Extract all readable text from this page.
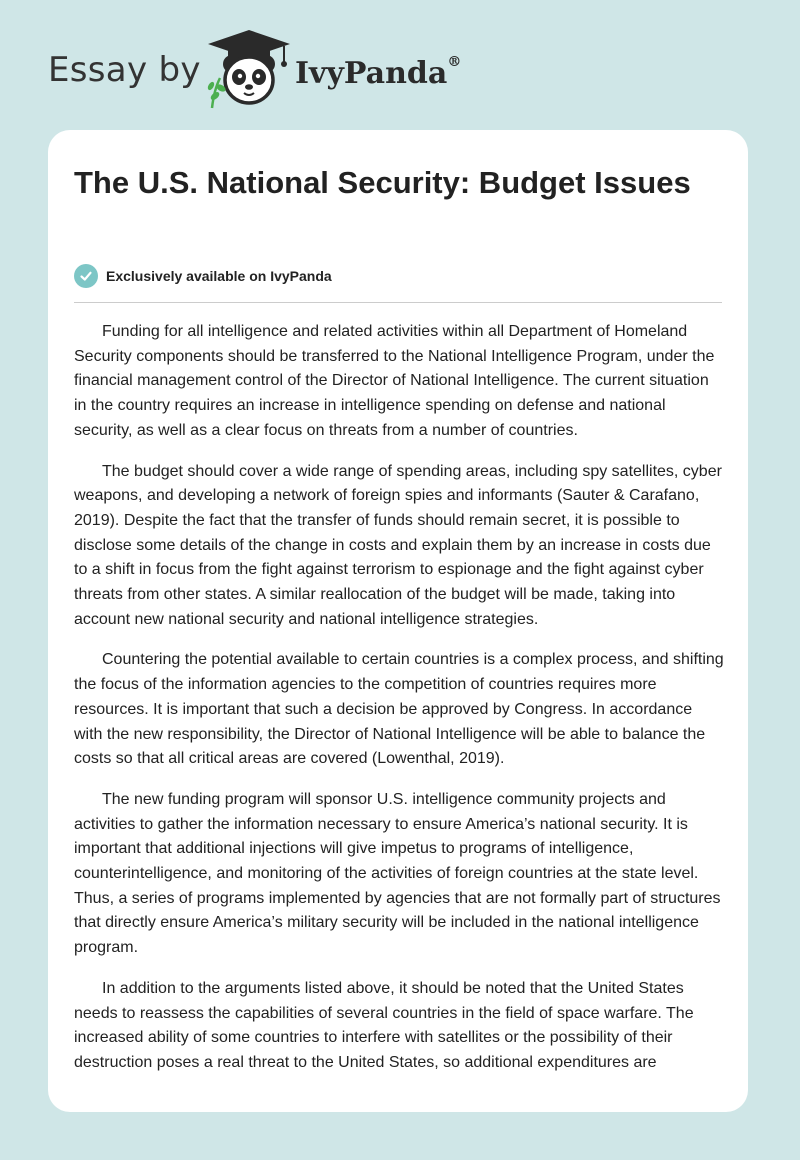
Essay by	IvyPanda®
The U.S. National Security: Budget Issues
Exclusively available on IvyPanda

Funding for all intelligence and related activities within all Department of Homeland Security components should be transferred to the National Intelligence Program, under the financial management control of the Director of National Intelligence. The current situation in the country requires an increase in intelligence spending on defense and national security, as well as a clear focus on threats from a number of countries.

The budget should cover a wide range of spending areas, including spy satellites, cyber weapons, and developing a network of foreign spies and informants (Sauter & Carafano, 2019). Despite the fact that the transfer of funds should remain secret, it is possible to disclose some details of the change in costs and explain them by an increase in costs due to a shift in focus from the fight against terrorism to espionage and the fight against cyber threats from other states. A similar reallocation of the budget will be made, taking into account new national security and national intelligence strategies.

Countering the potential available to certain countries is a complex process, and shifting the focus of the information agencies to the competition of countries requires more resources. It is important that such a decision be approved by Congress. In accordance with the new responsibility, the Director of National Intelligence will be able to balance the costs so that all critical areas are covered (Lowenthal, 2019).

The new funding program will sponsor U.S. intelligence community projects and activities to gather the information necessary to ensure America’s national security. It is important that additional injections will give impetus to programs of intelligence, counterintelligence, and monitoring of the activities of foreign countries at the state level. Thus, a series of programs implemented by agencies that are not formally part of structures that directly ensure America’s military security will be included in the national intelligence program.

In addition to the arguments listed above, it should be noted that the United States needs to reassess the capabilities of several countries in the field of space warfare. The increased ability of some countries to interfere with satellites or the possibility of their destruction poses a real threat to the United States, so additional expenditures are
